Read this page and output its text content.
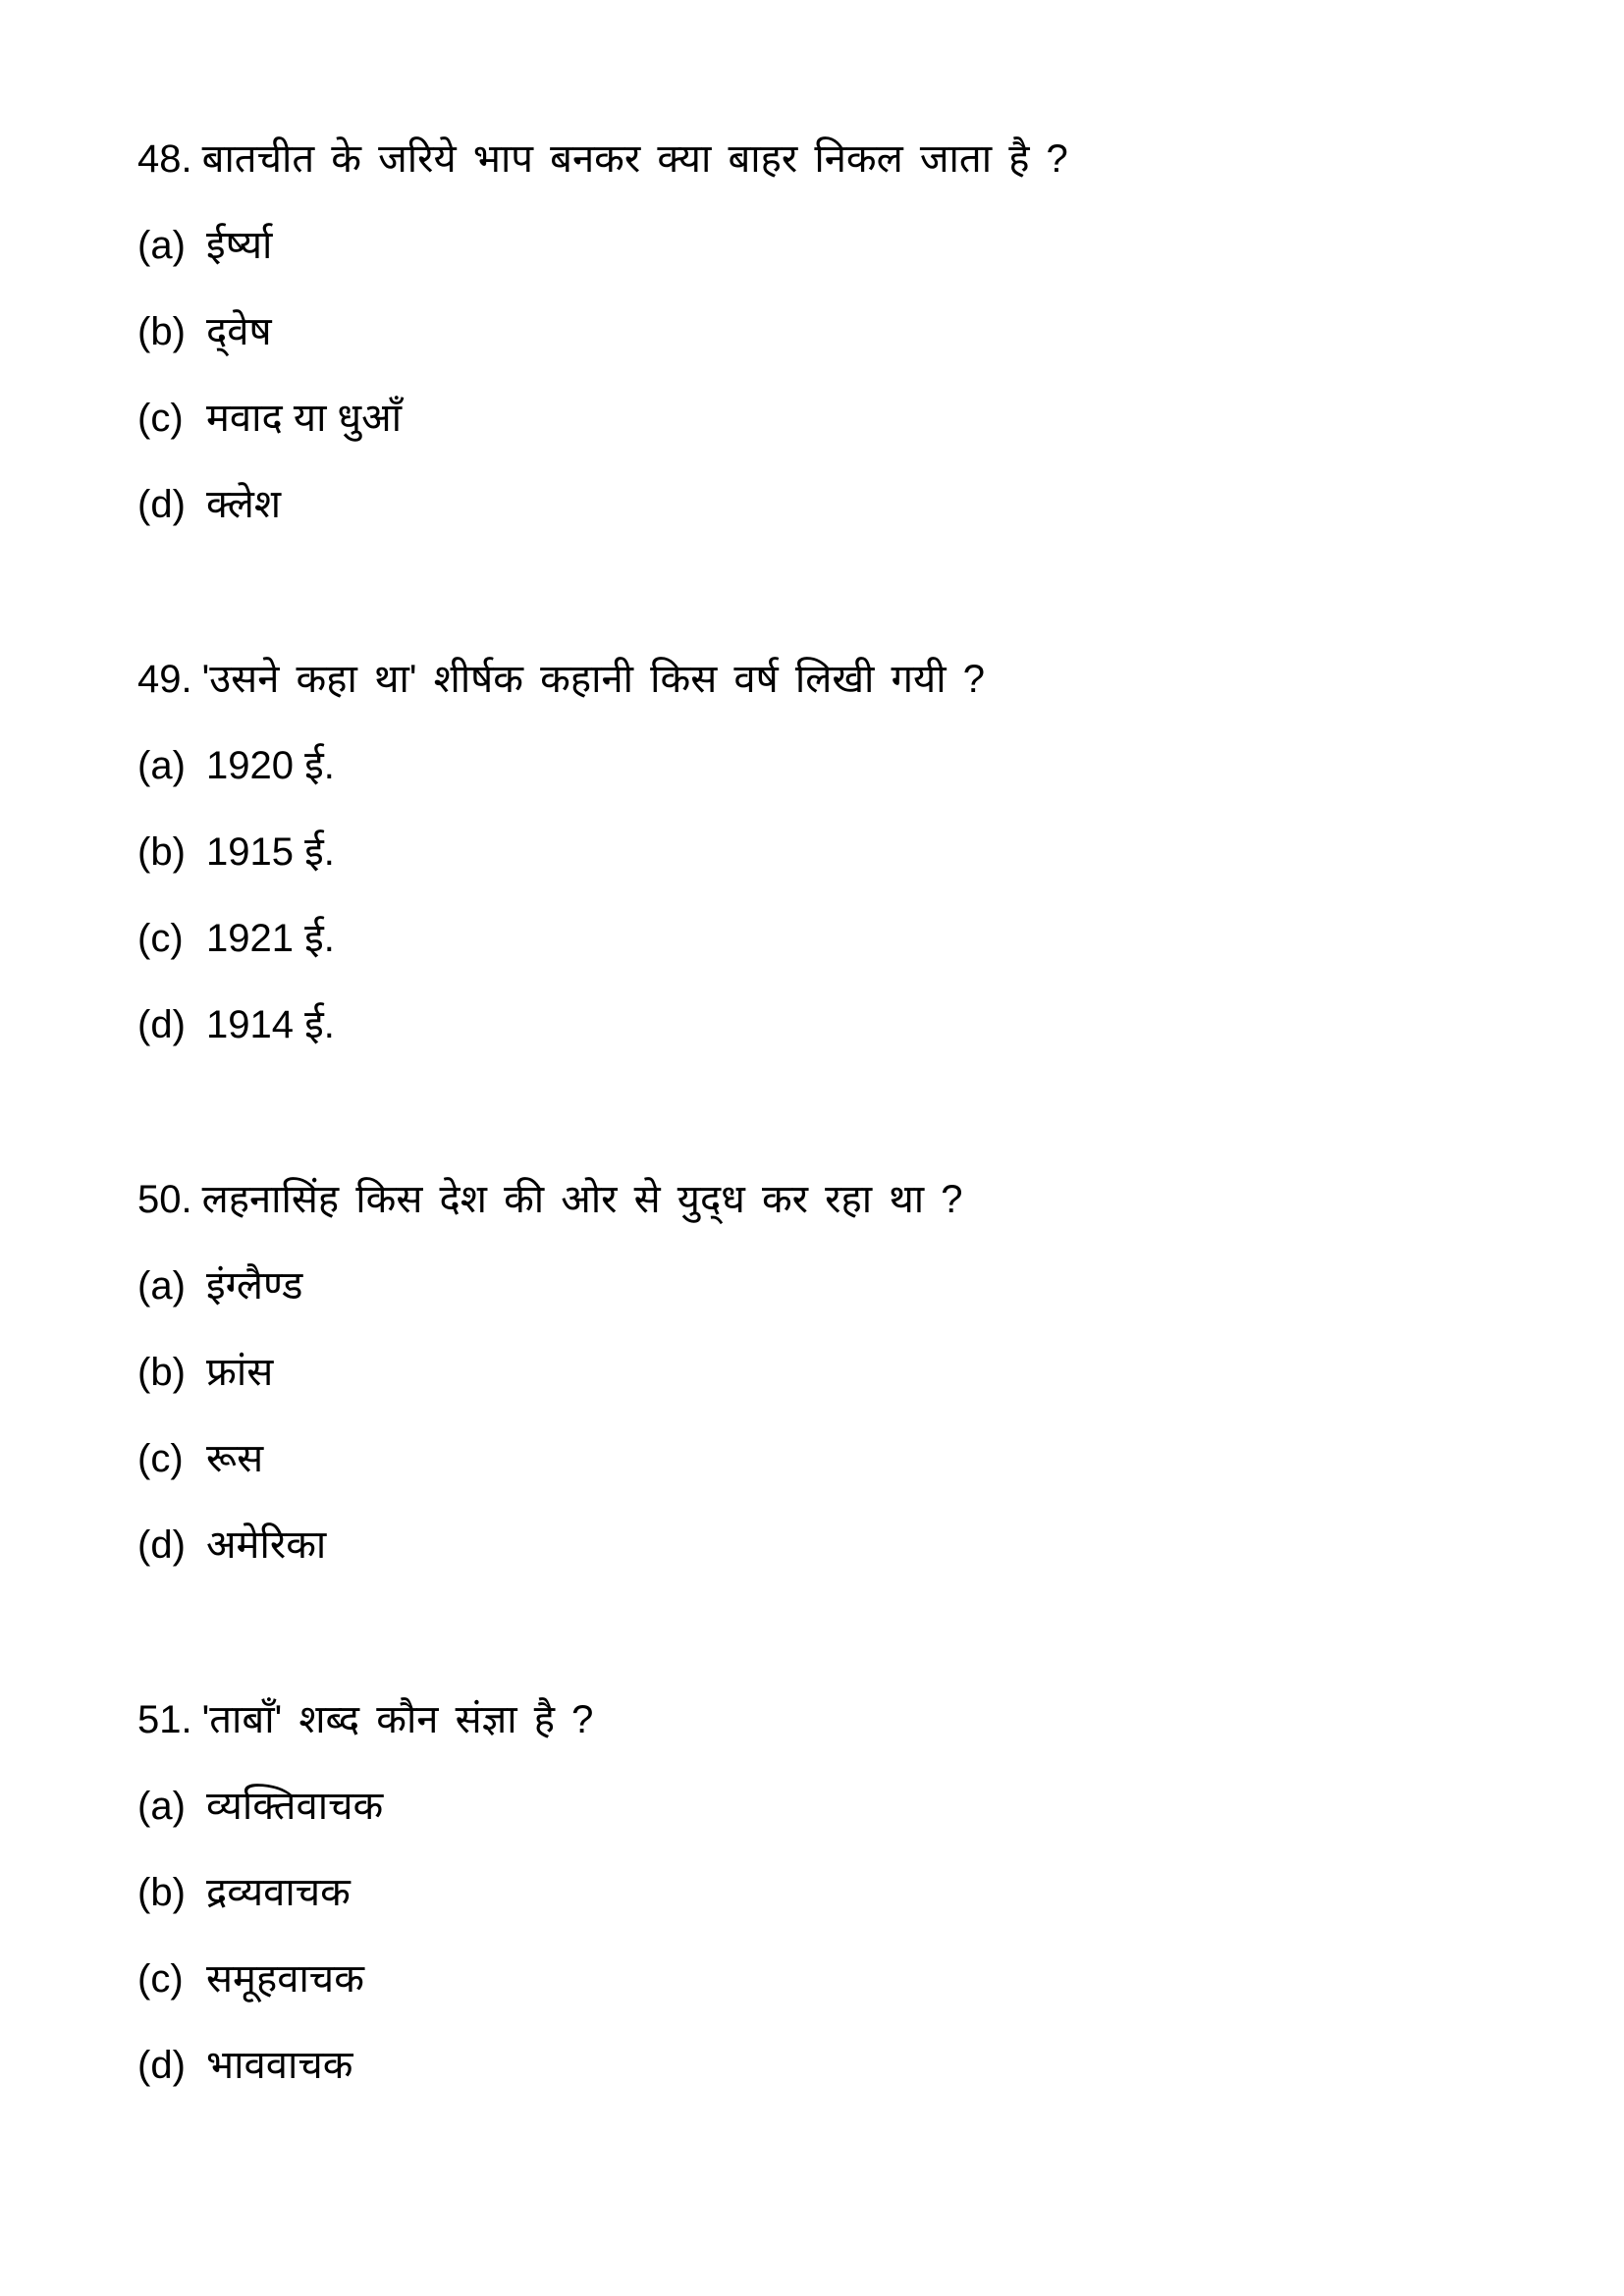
48. बातचीत के जरिये भाप बनकर क्या बाहर निकल जाता है ?
(a) ईर्ष्या
(b) द्‌वेष
(c) मवाद या धुआँ
(d) क्लेश
49. 'उसने कहा था' शीर्षक कहानी किस वर्ष लिखी गयी ?
(a) 1920 ई.
(b) 1915 ई.
(c) 1921 ई.
(d) 1914 ई.
50. लहनासिंह किस देश की ओर से युद्‌ध कर रहा था ?
(a) इंग्लैण्ड
(b) फ्रांस
(c) रूस
(d) अमेरिका
51. 'ताबाँ' शब्द कौन संज्ञा है ?
(a) व्यक्तिवाचक
(b) द्रव्यवाचक
(c) समूहवाचक
(d) भाववाचक
